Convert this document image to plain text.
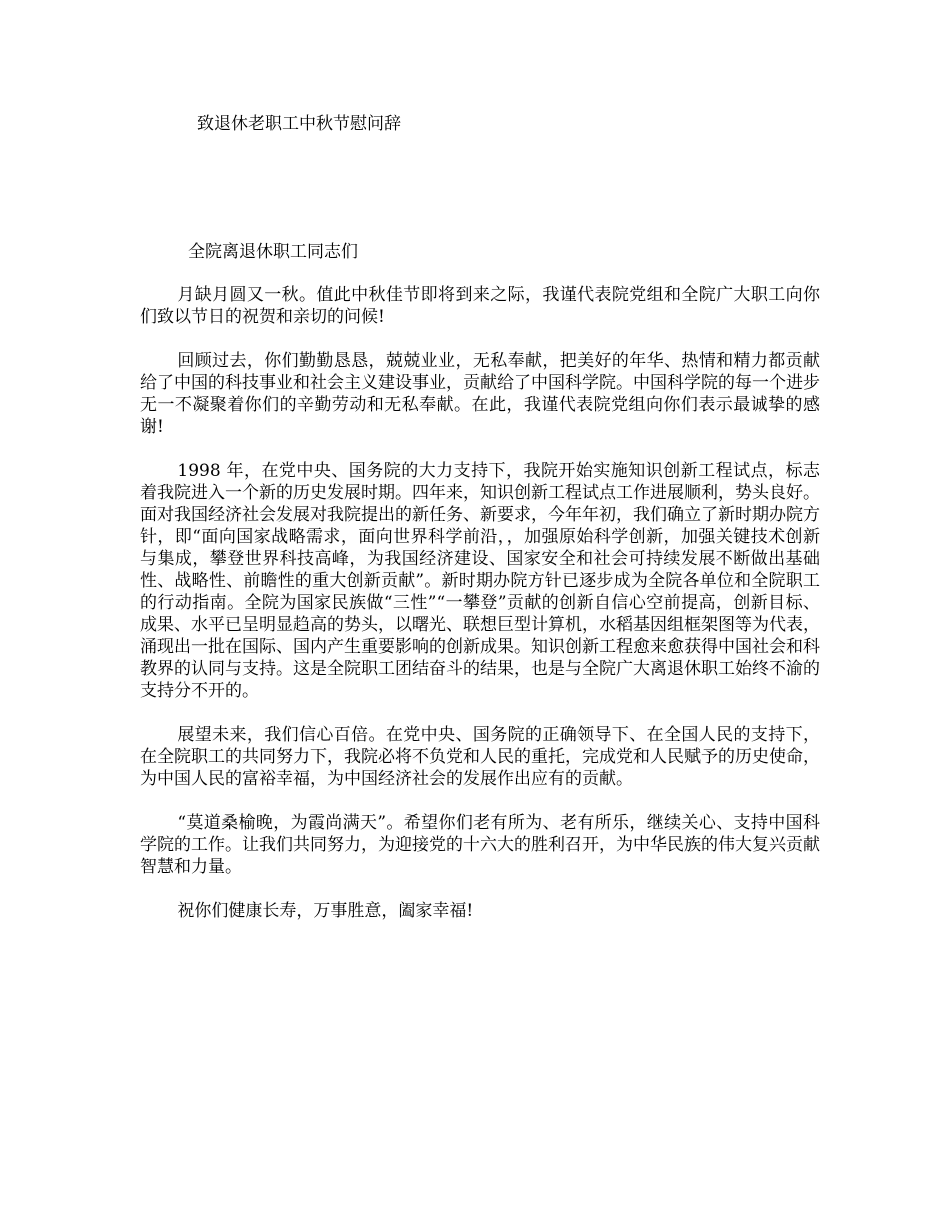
致退休老职工中秋节慰问辞

全院离退休职工同志们

月缺月圆又一秋。值此中秋佳节即将到来之际，我谨代表院党组和全院广大职工向你们致以节日的祝贺和亲切的问候!

回顾过去，你们勤勤恳恳，兢兢业业，无私奉献，把美好的年华、热情和精力都贡献给了中国的科技事业和社会主义建设事业，贡献给了中国科学院。中国科学院的每一个进步无一不凝聚着你们的辛勤劳动和无私奉献。在此，我谨代表院党组向你们表示最诚挚的感谢!

1998 年，在党中央、国务院的大力支持下，我院开始实施知识创新工程试点，标志着我院进入一个新的历史发展时期。四年来，知识创新工程试点工作进展顺利，势头良好。面对我国经济社会发展对我院提出的新任务、新要求，今年年初，我们确立了新时期办院方针，即“面向国家战略需求，面向世界科学前沿，，加强原始科学创新，加强关键技术创新与集成，攀登世界科技高峰，为我国经济建设、国家安全和社会可持续发展不断做出基础性、战略性、前瞻性的重大创新贡献”。新时期办院方针已逐步成为全院各单位和全院职工的行动指南。全院为国家民族做“三性”“一攀登”贡献的创新自信心空前提高，创新目标、成果、水平已呈明显趋高的势头，以曙光、联想巨型计算机，水稻基因组框架图等为代表，涌现出一批在国际、国内产生重要影响的创新成果。知识创新工程愈来愈获得中国社会和科教界的认同与支持。这是全院职工团结奋斗的结果，也是与全院广大离退休职工始终不渝的支持分不开的。

展望未来，我们信心百倍。在党中央、国务院的正确领导下、在全国人民的支持下，在全院职工的共同努力下，我院必将不负党和人民的重托，完成党和人民赋予的历史使命，为中国人民的富裕幸福，为中国经济社会的发展作出应有的贡献。

“莫道桑榆晚，为霞尚满天”。希望你们老有所为、老有所乐，继续关心、支持中国科学院的工作。让我们共同努力，为迎接党的十六大的胜利召开，为中华民族的伟大复兴贡献智慧和力量。

祝你们健康长寿，万事胜意，阖家幸福!
